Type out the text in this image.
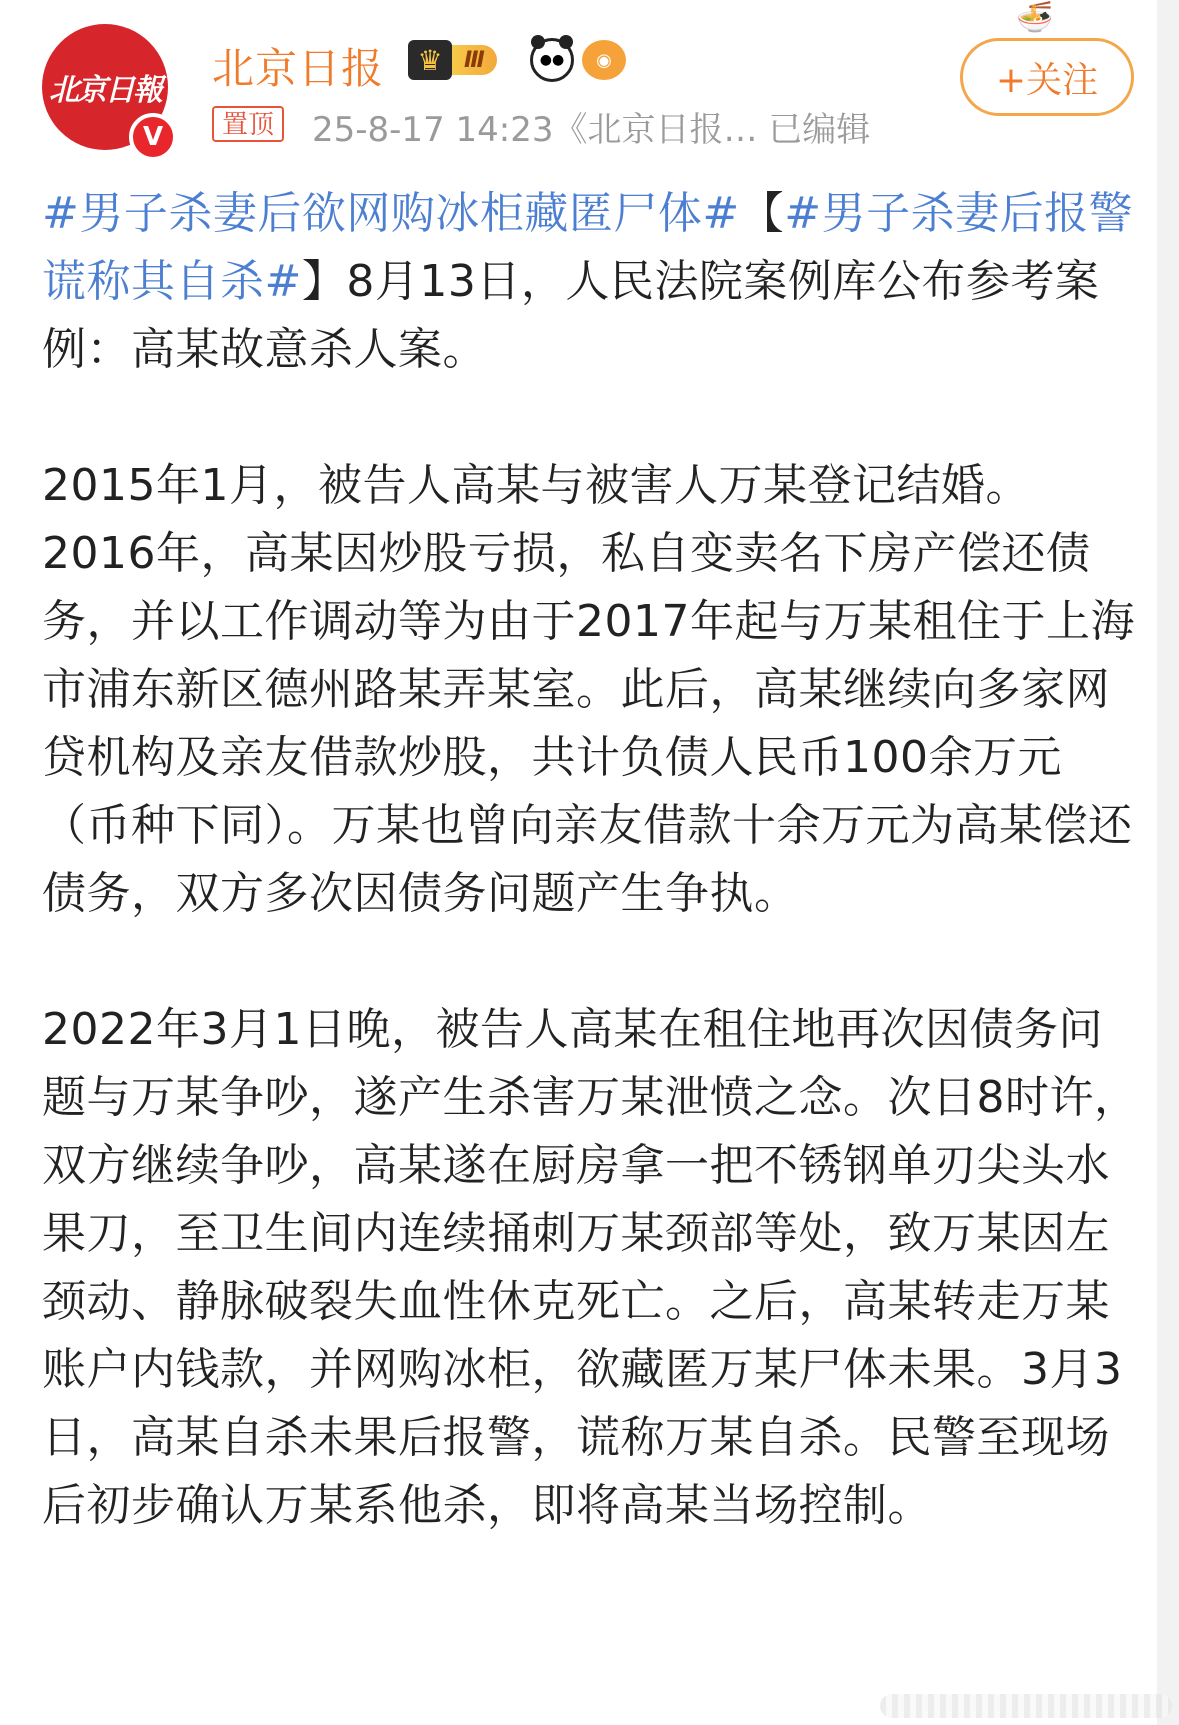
🍜
北京日報
V
北京日报	♛ Ⅲ	●●	◉
置顶 25-8-17 14:23《北京日报… 已编辑
+关注

#男子杀妻后欲网购冰柜藏匿尸体#【#男子杀妻后报警谎称其自杀#】8月13日，人民法院案例库公布参考案例：高某故意杀人案。

2015年1月，被告人高某与被害人万某登记结婚。2016年，高某因炒股亏损，私自变卖名下房产偿还债务，并以工作调动等为由于2017年起与万某租住于上海市浦东新区德州路某弄某室。此后，高某继续向多家网贷机构及亲友借款炒股，共计负债人民币100余万元（币种下同）。万某也曾向亲友借款十余万元为高某偿还债务，双方多次因债务问题产生争执。

2022年3月1日晚，被告人高某在租住地再次因债务问题与万某争吵，遂产生杀害万某泄愤之念。次日8时许，双方继续争吵，高某遂在厨房拿一把不锈钢单刃尖头水果刀，至卫生间内连续捅刺万某颈部等处，致万某因左颈动、静脉破裂失血性休克死亡。之后，高某转走万某账户内钱款，并网购冰柜，欲藏匿万某尸体未果。3月3日，高某自杀未果后报警，谎称万某自杀。民警至现场后初步确认万某系他杀，即将高某当场控制。
